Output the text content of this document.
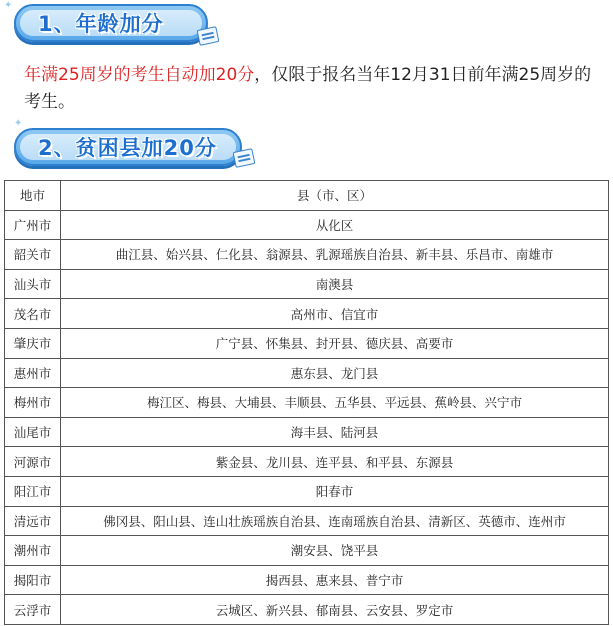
✦
1、年龄加分
年满25周岁的考生自动加20分，仅限于报名当年12月31日前年满25周岁的考生。
✦
2、贫困县加20分
地市	县（市、区）
广州市	从化区
韶关市	曲江县、始兴县、仁化县、翁源县、乳源瑶族自治县、新丰县、乐昌市、南雄市
汕头市	南澳县
茂名市	高州市、信宜市
肇庆市	广宁县、怀集县、封开县、德庆县、高要市
惠州市	惠东县、龙门县
梅州市	梅江区、梅县、大埔县、丰顺县、五华县、平远县、蕉岭县、兴宁市
汕尾市	海丰县、陆河县
河源市	紫金县、龙川县、连平县、和平县、东源县
阳江市	阳春市
清远市	佛冈县、阳山县、连山壮族瑶族自治县、连南瑶族自治县、清新区、英德市、连州市
潮州市	潮安县、饶平县
揭阳市	揭西县、惠来县、普宁市
云浮市	云城区、新兴县、郁南县、云安县、罗定市
